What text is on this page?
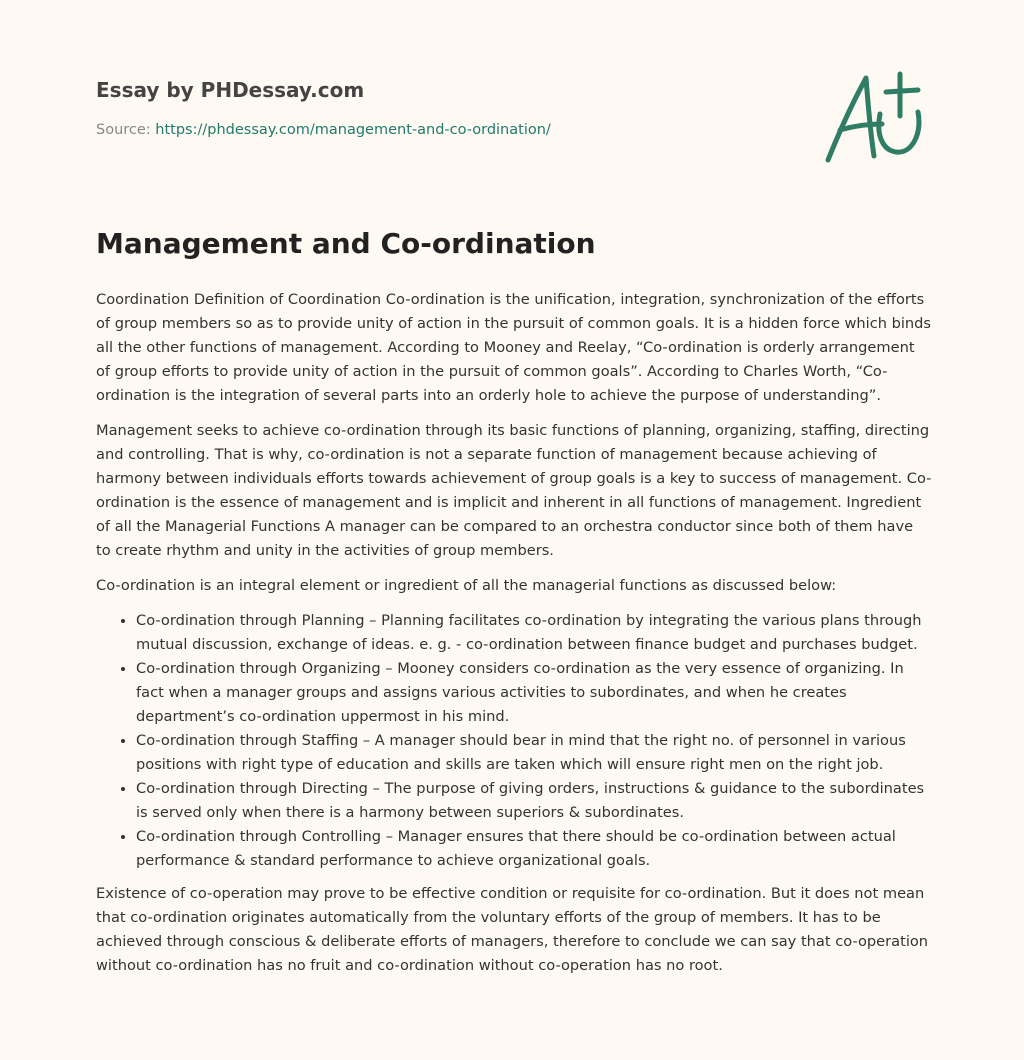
Essay by PHDessay.com
Source: https://phdessay.com/management-and-co-ordination/
Management and Co-ordination

Coordination Definition of Coordination Co-ordination is the unification, integration, synchronization of the efforts of group members so as to provide unity of action in the pursuit of common goals. It is a hidden force which binds all the other functions of management. According to Mooney and Reelay, “Co-ordination is orderly arrangement of group efforts to provide unity of action in the pursuit of common goals”. According to Charles Worth, “Co-ordination is the integration of several parts into an orderly hole to achieve the purpose of understanding”.

Management seeks to achieve co-ordination through its basic functions of planning, organizing, staffing, directing and controlling. That is why, co-ordination is not a separate function of management because achieving of harmony between individuals efforts towards achievement of group goals is a key to success of management. Co-ordination is the essence of management and is implicit and inherent in all functions of management. Ingredient of all the Managerial Functions A manager can be compared to an orchestra conductor since both of them have to create rhythm and unity in the activities of group members.

Co-ordination is an integral element or ingredient of all the managerial functions as discussed below:

• Co-ordination through Planning – Planning facilitates co-ordination by integrating the various plans through mutual discussion, exchange of ideas. e. g. - co-ordination between finance budget and purchases budget.
• Co-ordination through Organizing – Mooney considers co-ordination as the very essence of organizing. In fact when a manager groups and assigns various activities to subordinates, and when he creates department’s co-ordination uppermost in his mind.
• Co-ordination through Staffing – A manager should bear in mind that the right no. of personnel in various positions with right type of education and skills are taken which will ensure right men on the right job.
• Co-ordination through Directing – The purpose of giving orders, instructions & guidance to the subordinates is served only when there is a harmony between superiors & subordinates.
• Co-ordination through Controlling – Manager ensures that there should be co-ordination between actual performance & standard performance to achieve organizational goals.

Existence of co-operation may prove to be effective condition or requisite for co-ordination. But it does not mean that co-ordination originates automatically from the voluntary efforts of the group of members. It has to be achieved through conscious & deliberate efforts of managers, therefore to conclude we can say that co-operation without co-ordination has no fruit and co-ordination without co-operation has no root.
